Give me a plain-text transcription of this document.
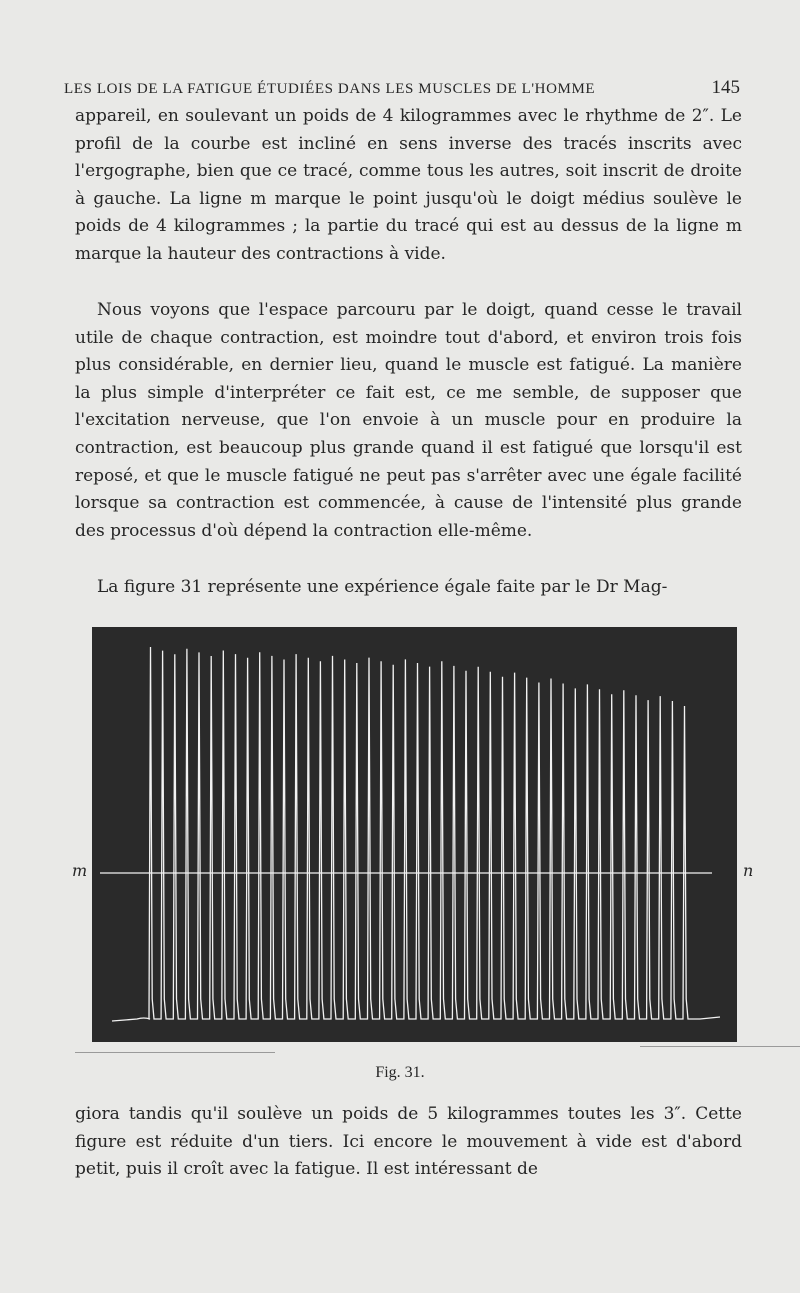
LES LOIS DE LA FATIGUE ÉTUDIÉES DANS LES MUSCLES DE L'HOMME	145

appareil, en soulevant un poids de 4 kilogrammes avec le rhythme de 2″. Le profil de la courbe est incliné en sens inverse des tracés inscrits avec l'ergographe, bien que ce tracé, comme tous les autres, soit inscrit de droite à gauche. La ligne m marque le point jusqu'où le doigt médius soulève le poids de 4 kilogrammes ; la partie du tracé qui est au dessus de la ligne m marque la hauteur des contractions à vide.

Nous voyons que l'espace parcouru par le doigt, quand cesse le travail utile de chaque contraction, est moindre tout d'abord, et environ trois fois plus considérable, en dernier lieu, quand le muscle est fatigué. La manière la plus simple d'interpréter ce fait est, ce me semble, de supposer que l'excitation nerveuse, que l'on envoie à un muscle pour en produire la contraction, est beaucoup plus grande quand il est fatigué que lorsqu'il est reposé, et que le muscle fatigué ne peut pas s'arrêter avec une égale facilité lorsque sa contraction est commencée, à cause de l'intensité plus grande des processus d'où dépend la contraction elle-même.

La figure 31 représente une expérience égale faite par le Dr Mag-

m	n
Fig. 31.

giora tandis qu'il soulève un poids de 5 kilogrammes toutes les 3″. Cette figure est réduite d'un tiers. Ici encore le mouvement à vide est d'abord petit, puis il croît avec la fatigue. Il est intéressant de
